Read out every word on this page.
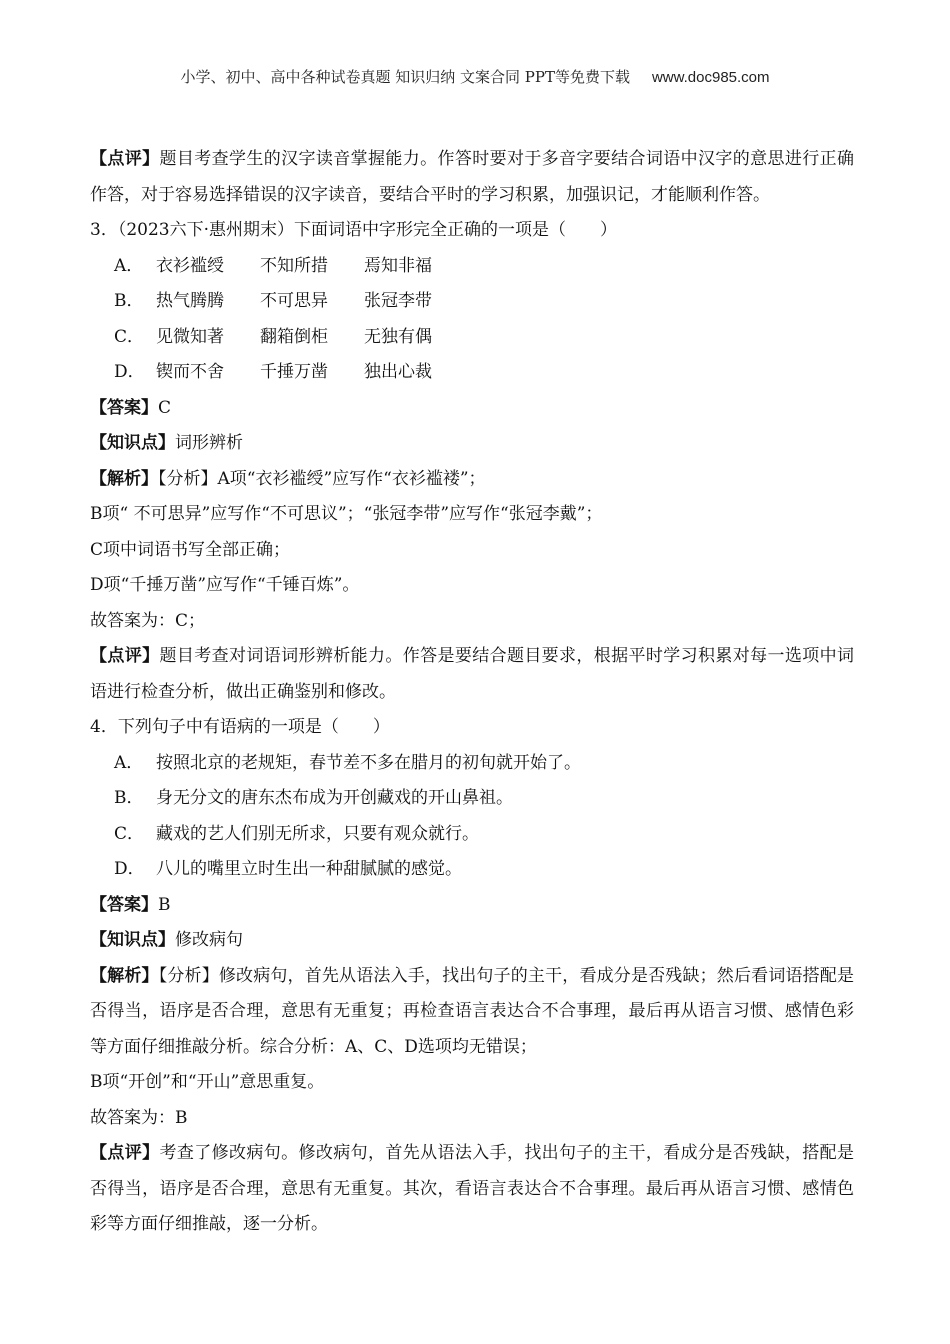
小学、初中、高中各种试卷真题 知识归纳 文案合同 PPT等免费下载 www.doc985.com

【点评】题目考查学生的汉字读音掌握能力。作答时要对于多音字要结合词语中汉字的意思进行正确作答，对于容易选择错误的汉字读音，要结合平时的学习积累，加强识记，才能顺利作答。

3．（2023六下·惠州期末）下面词语中字形完全正确的一项是（　　）

A． 衣衫褴绶 不知所措 焉知非福

B． 热气腾腾 不可思异 张冠李带

C． 见微知著 翻箱倒柜 无独有偶

D． 锲而不舍 千捶万凿 独出心裁

【答案】C

【知识点】词形辨析

【解析】【分析】A项“衣衫褴绶”应写作“衣衫褴褛”；

B项“ 不可思异”应写作“不可思议”；“张冠李带”应写作“张冠李戴”；

C项中词语书写全部正确；

D项“千捶万凿”应写作“千锤百炼”。

故答案为：C；

【点评】题目考查对词语词形辨析能力。作答是要结合题目要求，根据平时学习积累对每一选项中词语进行检查分析，做出正确鉴别和修改。

4．下列句子中有语病的一项是（　　）

A． 按照北京的老规矩，春节差不多在腊月的初旬就开始了。

B． 身无分文的唐东杰布成为开创藏戏的开山鼻祖。

C． 藏戏的艺人们别无所求，只要有观众就行。

D． 八儿的嘴里立时生出一种甜腻腻的感觉。

【答案】B

【知识点】修改病句

【解析】【分析】修改病句，首先从语法入手，找出句子的主干，看成分是否残缺；然后看词语搭配是否得当，语序是否合理，意思有无重复；再检查语言表达合不合事理，最后再从语言习惯、感情色彩等方面仔细推敲分析。综合分析：A、C、D选项均无错误；

B项“开创”和“开山”意思重复。

故答案为：B

【点评】考查了修改病句。修改病句，首先从语法入手，找出句子的主干，看成分是否残缺，搭配是否得当，语序是否合理，意思有无重复。其次，看语言表达合不合事理。最后再从语言习惯、感情色彩等方面仔细推敲，逐一分析。
